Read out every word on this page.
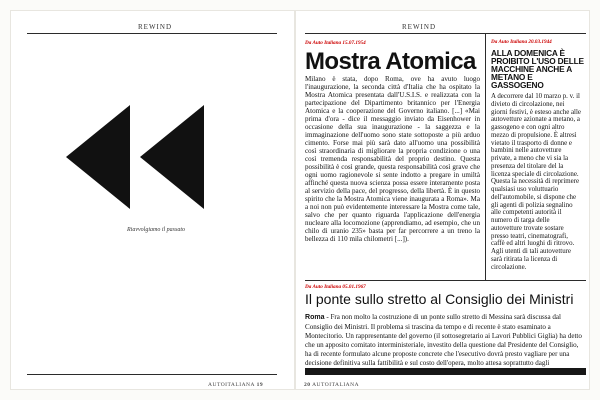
REWIND
Riavvolgiamo il passato
AUTOITALIANA 19
REWIND
Da Auto Italiana 15.07.1954
Mostra Atomica
Milano è stata, dopo Roma, ove ha avuto luogo l'inaugurazione, la seconda città d'Italia che ha ospitato la Mostra Atomica presentata dall'U.S.I.S. e realizzata con la partecipazione del Dipartimento britannico per l'Energia Atomica e la cooperazione del Governo italiano. [...] «Mai prima d'ora - dice il messaggio inviato da Eisenhower in occasione della sua inaugurazione - la saggezza e la immaginazione dell'uomo sono state sottoposte a più arduo cimento. Forse mai più sarà dato all'uomo una possibilità così straordinaria di migliorare la propria condizione o una così tremenda responsabilità del proprio destino. Questa possibilità è così grande, questa responsabilità così grave che ogni uomo ragionevole si sente indotto a pregare in umiltà affinché questa nuova scienza possa essere interamente posta al servizio della pace, del progresso, della libertà. È in questo spirito che la Mostra Atomica viene inaugurata a Roma». Ma a noi non può evidentemente interessare la Mostra come tale, salvo che per quanto riguarda l'applicazione dell'energia nucleare alla locomozione (apprendiamo, ad esempio, che un chilo di uranio 235» basta per far percorrere a un treno la bellezza di 110 mila chilometri [...]).
Da Auto Italiana 20.03.1944
ALLA DOMENICA È PROIBITO L'USO DELLE MACCHINE ANCHE A METANO E GASSOGENO
A decorrere dal 10 marzo p. v. il divieto di circolazione, nei giorni festivi, è esteso anche alle autovetture azionate a metano, a gassogeno e con ogni altro mezzo di propulsione. È altresì vietato il trasporto di donne e bambini nelle autovetture private, a meno che vi sia la presenza del titolare del la licenza speciale di circolazione. Questa la necessità di reprimere qualsiasi uso voluttuario dell'automobile, si dispone che gli agenti di polizia segnalino alle competenti autorità il numero di targa delle autovetture trovate sostare presso teatri, cinematografi, caffè ed altri luoghi di ritrovo. Agli utenti di tali autovetture sarà ritirata la licenza di circolazione.
Da Auto Italiana 05.01.1967
Il ponte sullo stretto al Consiglio dei Ministri
Roma - Fra non molto la costruzione di un ponte sullo stretto di Messina sarà discussa dal Consiglio dei Ministri. Il problema si trascina da tempo e di recente è stato esaminato a Montecitorio. Un rappresentante del governo (il sottosegretario ai Lavori Pubblici Giglia) ha detto che un apposito comitato interministeriale, investito della questione dal Presidente del Consiglio, ha di recente formulato alcune proposte concrete che l'esecutivo dovrà presto vagliare per una decisione definitiva sulla fattibilità e sul costo dell'opera, molto attesa soprattutto dagli
20 AUTOITALIANA
